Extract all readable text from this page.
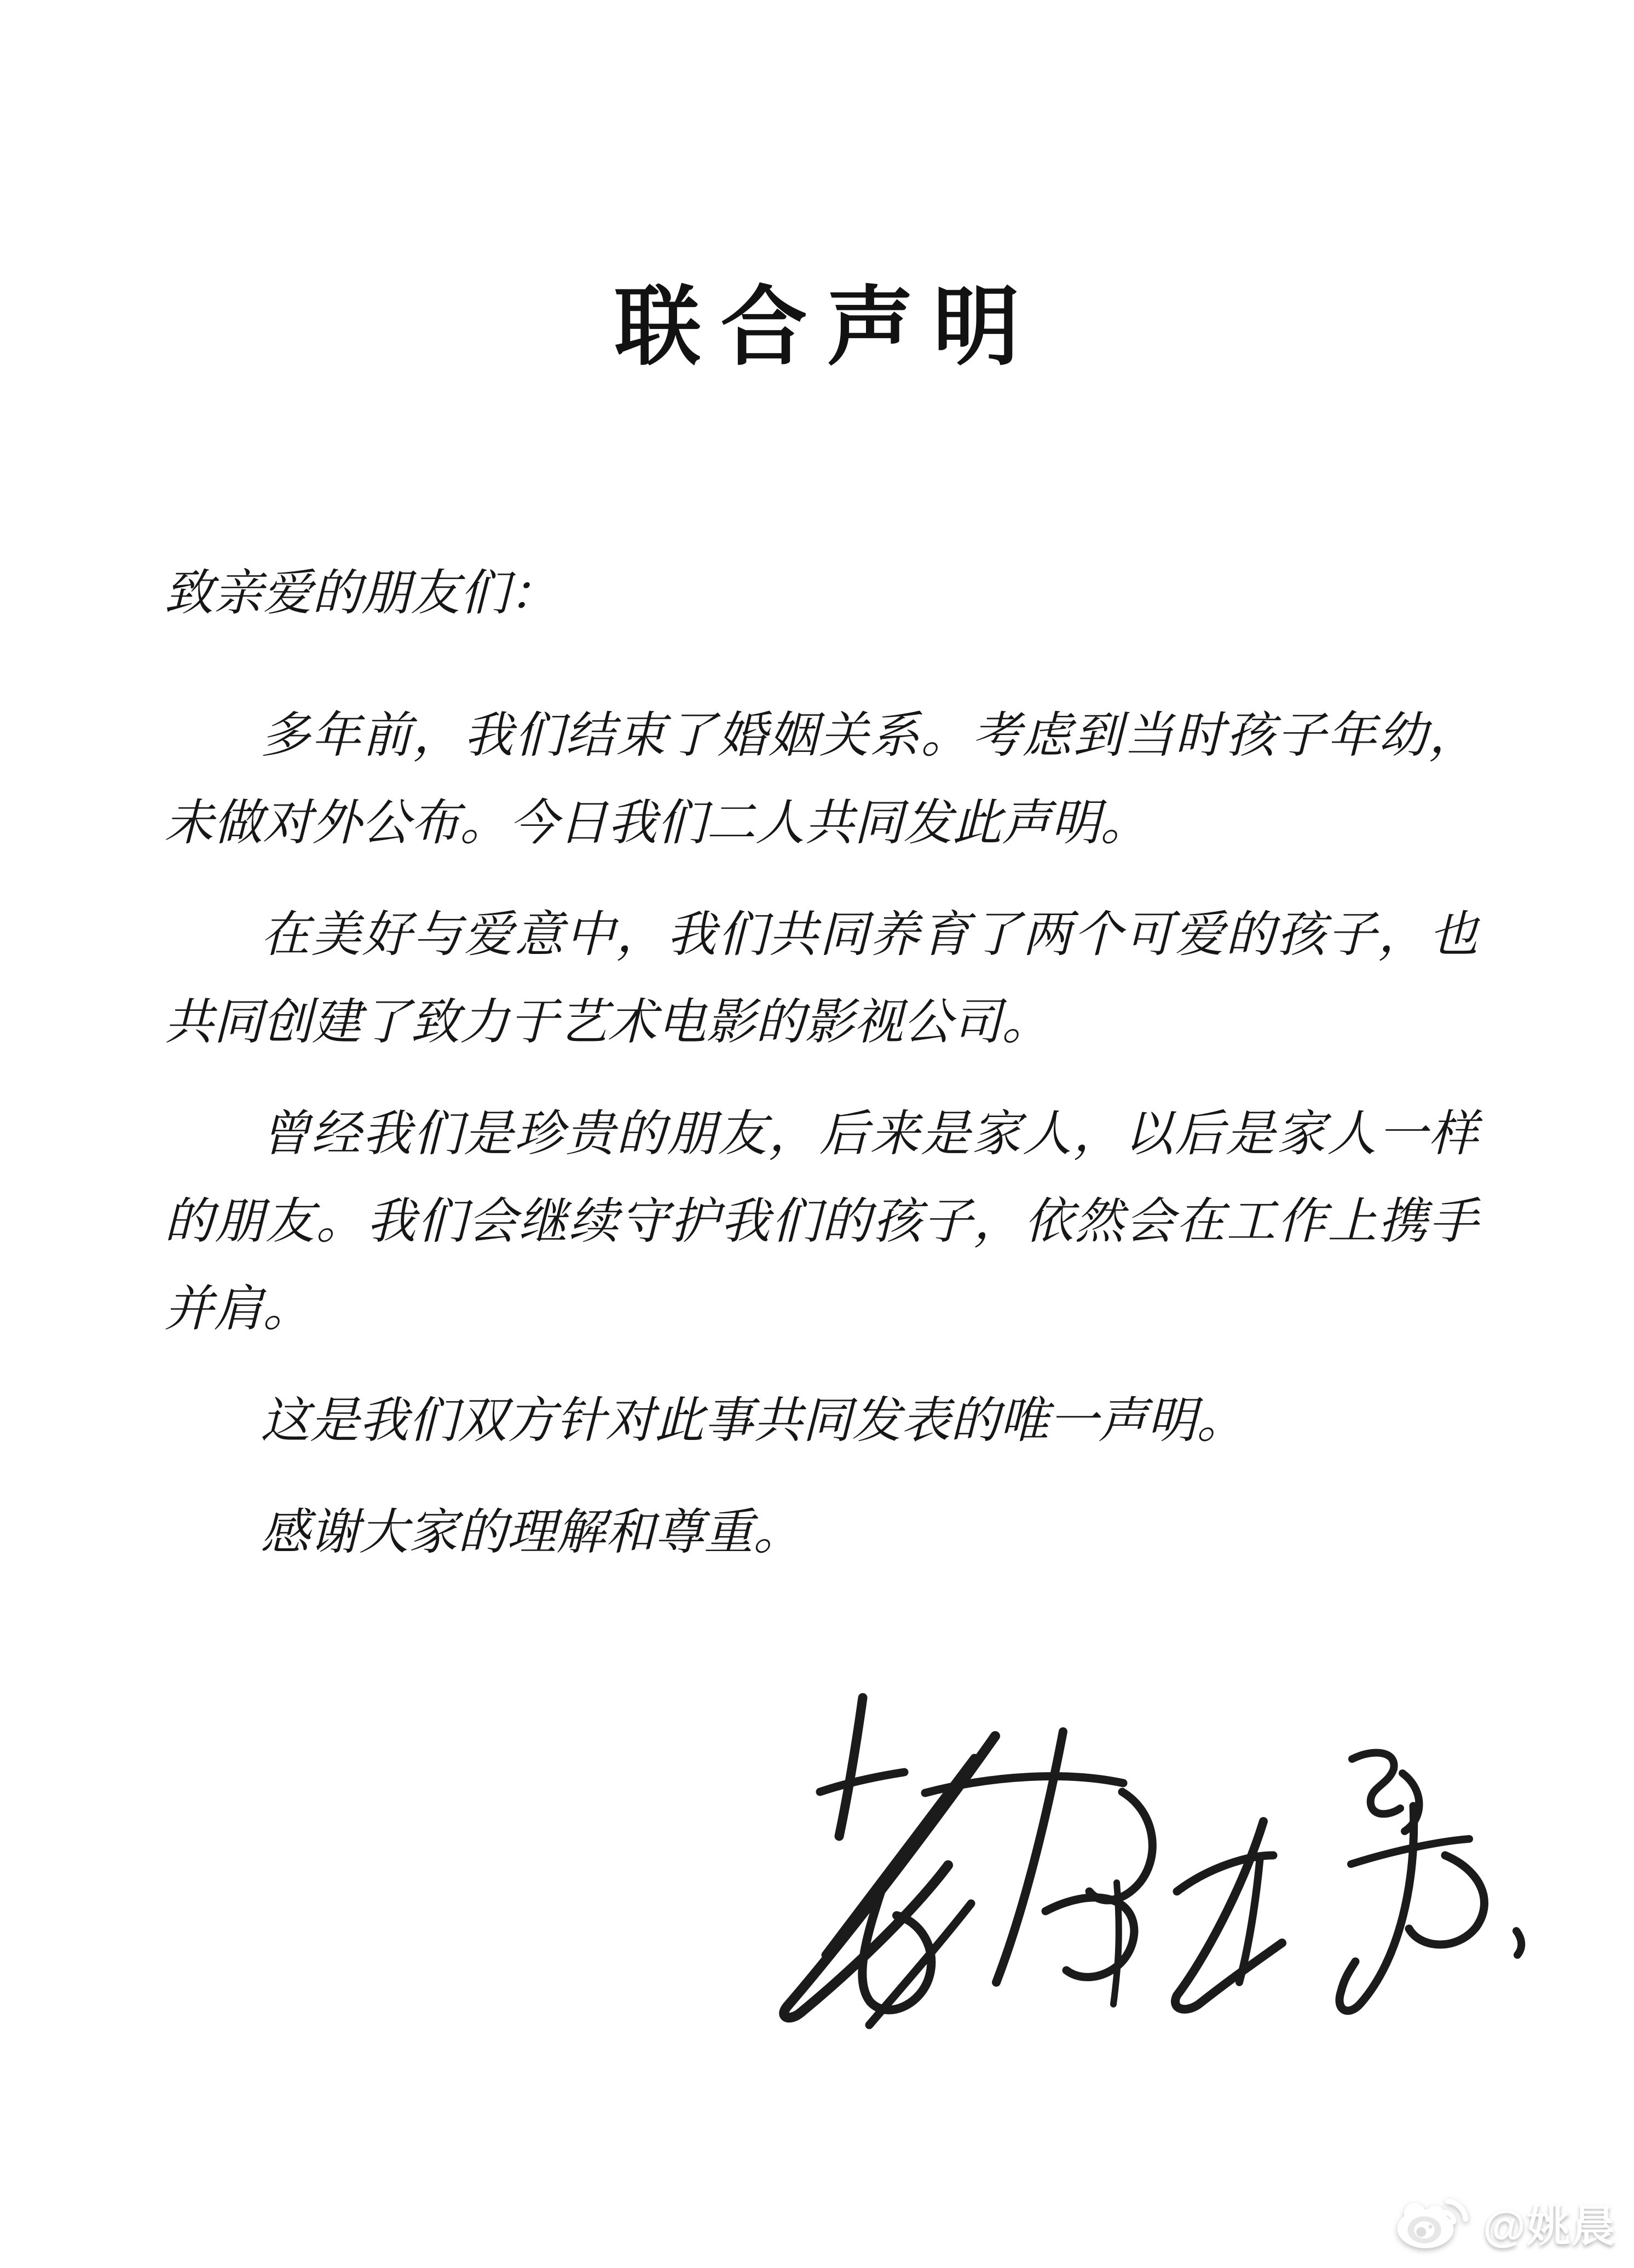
联合声明

致亲爱的朋友们：

多年前，我们结束了婚姻关系。考虑到当时孩子年幼，未做对外公布。今日我们二人共同发此声明。

在美好与爱意中，我们共同养育了两个可爱的孩子，也共同创建了致力于艺术电影的影视公司。

曾经我们是珍贵的朋友，后来是家人，以后是家人一样的朋友。我们会继续守护我们的孩子，依然会在工作上携手并肩。

这是我们双方针对此事共同发表的唯一声明。

感谢大家的理解和尊重。

@姚晨
